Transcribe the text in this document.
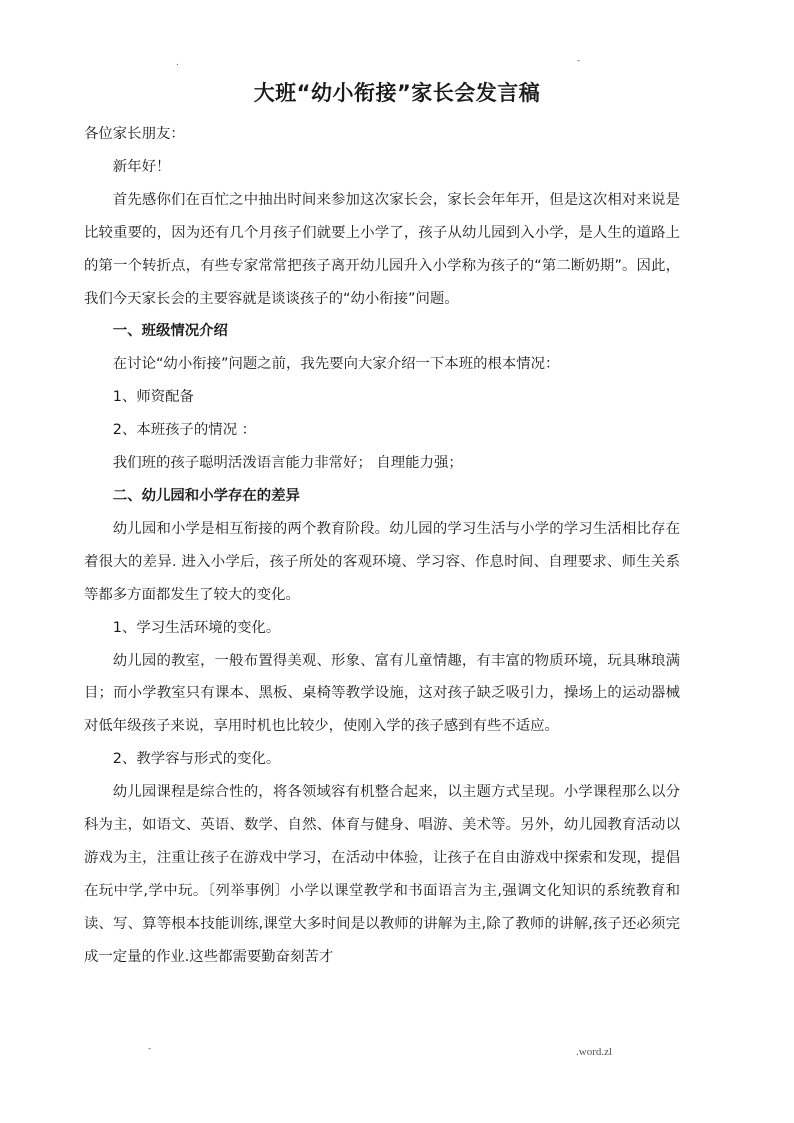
.	-
大班“幼小衔接”家长会发言稿

各位家长朋友：

新年好！

首先感你们在百忙之中抽出时间来参加这次家长会，家长会年年开，但是这次相对来说是比较重要的，因为还有几个月孩子们就要上小学了，孩子从幼儿园到入小学，是人生的道路上的第一个转折点，有些专家常常把孩子离开幼儿园升入小学称为孩子的“第二断奶期”。因此，我们今天家长会的主要容就是谈谈孩子的“幼小衔接”问题。

一、班级情况介绍

在讨论“幼小衔接”问题之前，我先要向大家介绍一下本班的根本情况：

1、师资配备

2、本班孩子的情况 ：

我们班的孩子聪明活泼语言能力非常好； 自理能力强；

二、幼儿园和小学存在的差异

幼儿园和小学是相互衔接的两个教育阶段。幼儿园的学习生活与小学的学习生活相比存在着很大的差异. 进入小学后，孩子所处的客观环境、学习容、作息时间、自理要求、师生关系等都多方面都发生了较大的变化。

1、学习生活环境的变化。

幼儿园的教室，一般布置得美观、形象、富有儿童情趣，有丰富的物质环境，玩具琳琅满目；而小学教室只有课本、黑板、桌椅等教学设施，这对孩子缺乏吸引力，操场上的运动器械对低年级孩子来说，享用时机也比较少，使刚入学的孩子感到有些不适应。

2、教学容与形式的变化。

幼儿园课程是综合性的，将各领域容有机整合起来，以主题方式呈现。小学课程那么以分科为主，如语文、英语、数学、自然、体育与健身、唱游、美术等。另外，幼儿园教育活动以游戏为主，注重让孩子在游戏中学习，在活动中体验，让孩子在自由游戏中探索和发现，提倡在玩中学,学中玩。〔列举事例〕小学以课堂教学和书面语言为主,强调文化知识的系统教育和读、写、算等根本技能训练,课堂大多时间是以教师的讲解为主,除了教师的讲解,孩子还必须完成一定量的作业.这些都需要勤奋刻苦才

-	.word.zl
